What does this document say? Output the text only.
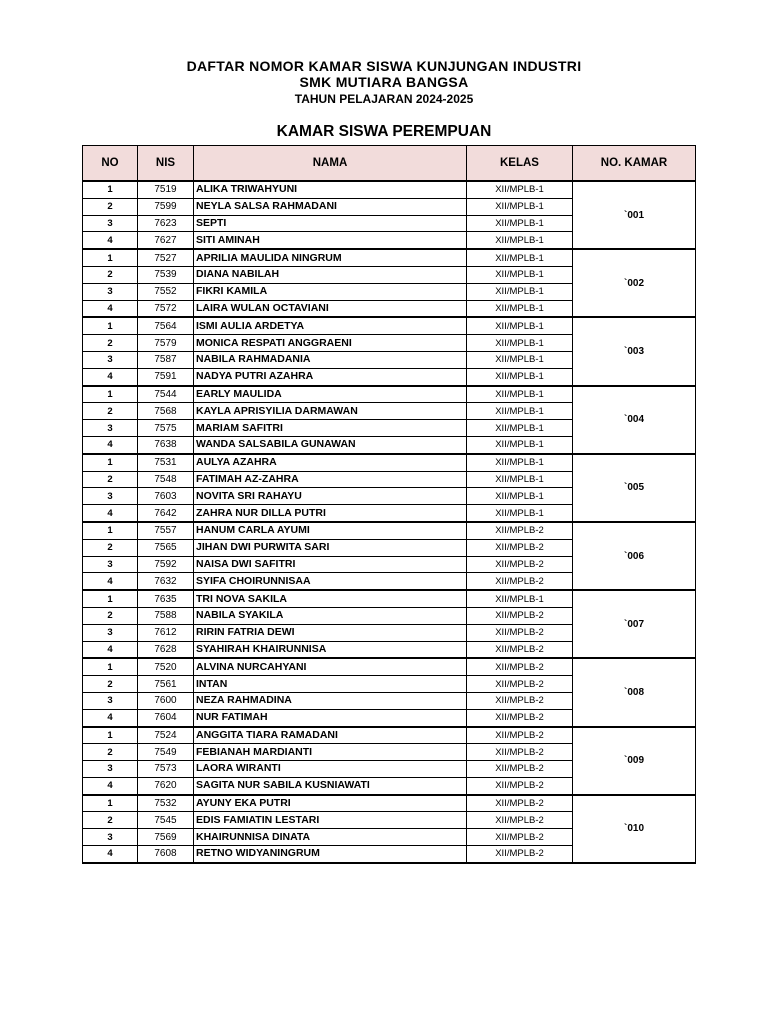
DAFTAR NOMOR KAMAR SISWA KUNJUNGAN INDUSTRI
SMK MUTIARA BANGSA
TAHUN PELAJARAN 2024-2025
KAMAR SISWA PEREMPUAN
NO	NIS	NAMA	KELAS	NO. KAMAR
1	7519	ALIKA TRIWAHYUNI	XII/MPLB-1	`001
2	7599	NEYLA SALSA RAHMADANI	XII/MPLB-1	
3	7623	SEPTI	XII/MPLB-1	
4	7627	SITI AMINAH	XII/MPLB-1	
1	7527	APRILIA MAULIDA NINGRUM	XII/MPLB-1	`002
2	7539	DIANA NABILAH	XII/MPLB-1	
3	7552	FIKRI KAMILA	XII/MPLB-1	
4	7572	LAIRA WULAN OCTAVIANI	XII/MPLB-1	
1	7564	ISMI AULIA ARDETYA	XII/MPLB-1	`003
2	7579	MONICA RESPATI ANGGRAENI	XII/MPLB-1	
3	7587	NABILA RAHMADANIA	XII/MPLB-1	
4	7591	NADYA PUTRI AZAHRA	XII/MPLB-1	
1	7544	EARLY MAULIDA	XII/MPLB-1	`004
2	7568	KAYLA APRISYILIA DARMAWAN	XII/MPLB-1	
3	7575	MARIAM SAFITRI	XII/MPLB-1	
4	7638	WANDA SALSABILA GUNAWAN	XII/MPLB-1	
1	7531	AULYA AZAHRA	XII/MPLB-1	`005
2	7548	FATIMAH AZ-ZAHRA	XII/MPLB-1	
3	7603	NOVITA SRI RAHAYU	XII/MPLB-1	
4	7642	ZAHRA NUR DILLA PUTRI	XII/MPLB-1	
1	7557	HANUM CARLA AYUMI	XII/MPLB-2	`006
2	7565	JIHAN DWI PURWITA SARI	XII/MPLB-2	
3	7592	NAISA DWI SAFITRI	XII/MPLB-2	
4	7632	SYIFA CHOIRUNNISAA	XII/MPLB-2	
1	7635	TRI NOVA SAKILA	XII/MPLB-1	`007
2	7588	NABILA SYAKILA	XII/MPLB-2	
3	7612	RIRIN FATRIA DEWI	XII/MPLB-2	
4	7628	SYAHIRAH KHAIRUNNISA	XII/MPLB-2	
1	7520	ALVINA NURCAHYANI	XII/MPLB-2	`008
2	7561	INTAN	XII/MPLB-2	
3	7600	NEZA RAHMADINA	XII/MPLB-2	
4	7604	NUR FATIMAH	XII/MPLB-2	
1	7524	ANGGITA TIARA RAMADANI	XII/MPLB-2	`009
2	7549	FEBIANAH MARDIANTI	XII/MPLB-2	
3	7573	LAORA WIRANTI	XII/MPLB-2	
4	7620	SAGITA NUR SABILA KUSNIAWATI	XII/MPLB-2	
1	7532	AYUNY EKA PUTRI	XII/MPLB-2	`010
2	7545	EDIS FAMIATIN LESTARI	XII/MPLB-2	
3	7569	KHAIRUNNISA DINATA	XII/MPLB-2	
4	7608	RETNO WIDYANINGRUM	XII/MPLB-2	
